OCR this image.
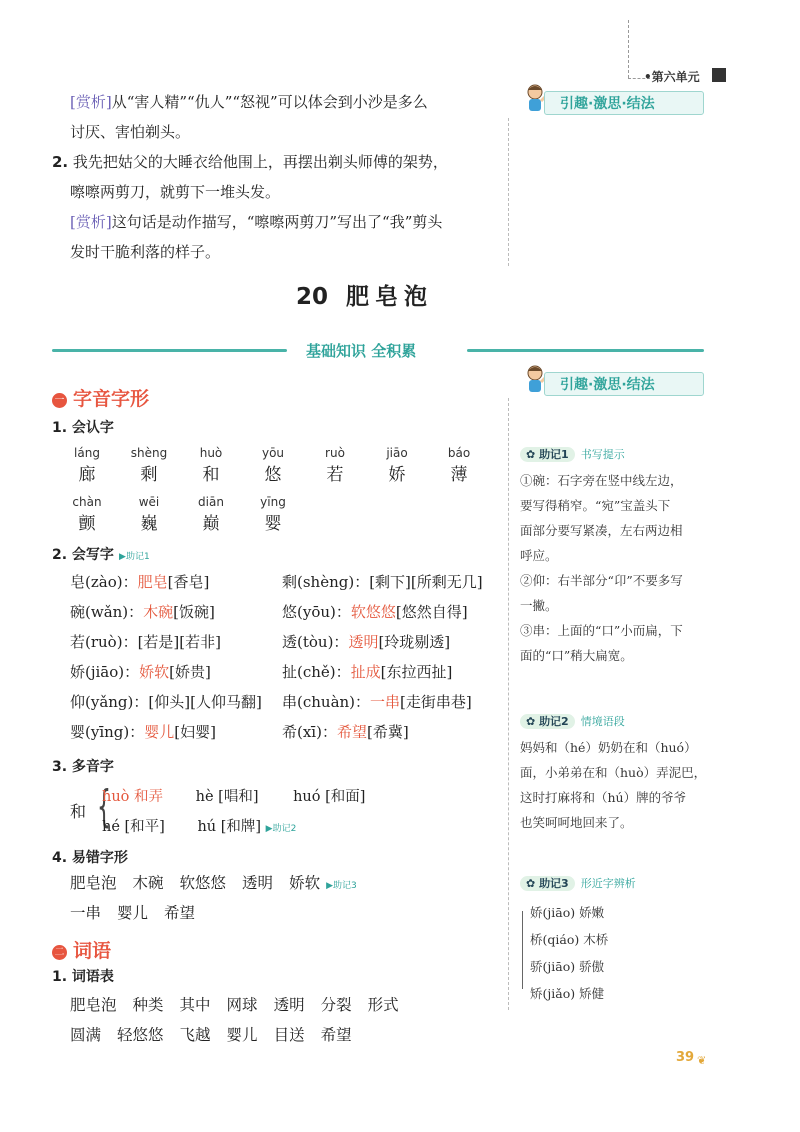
•第六单元
引趣·激思·结法
[赏析]从“害人精”“仇人”“怒视”可以体会到小沙是多么
讨厌、害怕剃头。
2. 我先把姑父的大睡衣给他围上，再摆出剃头师傅的架势，
嚓嚓两剪刀，就剪下一堆头发。
[赏析]这句话是动作描写，“嚓嚓两剪刀”写出了“我”剪头
发时干脆利落的样子。
20 肥皂泡
基础知识 全积累
引趣·激思·结法
一 字音字形
1. 会认字
láng
廊
shèng
剩
huò
和
yōu
悠
ruò
若
jiāo
娇
báo
薄
chàn
颤
wēi
巍
diān
巅
yīng
婴
2. 会写字 ▶助记1
皂(zào)：肥皂[香皂]
碗(wǎn)：木碗[饭碗]
若(ruò)：[若是][若非]
娇(jiāo)：娇软[娇贵]
仰(yǎng)：[仰头][人仰马翻]
婴(yīng)：婴儿[妇婴]
剩(shèng)：[剩下][所剩无几]
悠(yōu)：软悠悠[悠然自得]
透(tòu)：透明[玲珑剔透]
扯(chě)：扯成[东拉西扯]
串(chuàn)：一串[走街串巷]
希(xī)：希望[希冀]
3. 多音字
和 {
huò 和弄 hè [唱和] huó [和面]
hé [和平] hú [和牌] ▶助记2
4. 易错字形
肥皂泡 木碗 软悠悠 透明 娇软 ▶助记3
一串 婴儿 希望
二 词语
1. 词语表
肥皂泡 种类 其中 网球 透明 分裂 形式
圆满 轻悠悠 飞越 婴儿 目送 希望
✿ 助记1 书写提示
①碗：石字旁在竖中线左边，
要写得稍窄。“宛”宝盖头下
面部分要写紧凑，左右两边相
呼应。
②仰：右半部分“卬”不要多写
一撇。
③串：上面的“口”小而扁，下
面的“口”稍大扁宽。
✿ 助记2 情境语段
妈妈和（hé）奶奶在和（huó）
面，小弟弟在和（huò）弄泥巴，
这时打麻将和（hú）牌的爷爷
也笑呵呵地回来了。
✿ 助记3 形近字辨析
娇(jiāo) 娇嫩
桥(qiáo) 木桥
骄(jiāo) 骄傲
矫(jiǎo) 矫健
39 ❦
